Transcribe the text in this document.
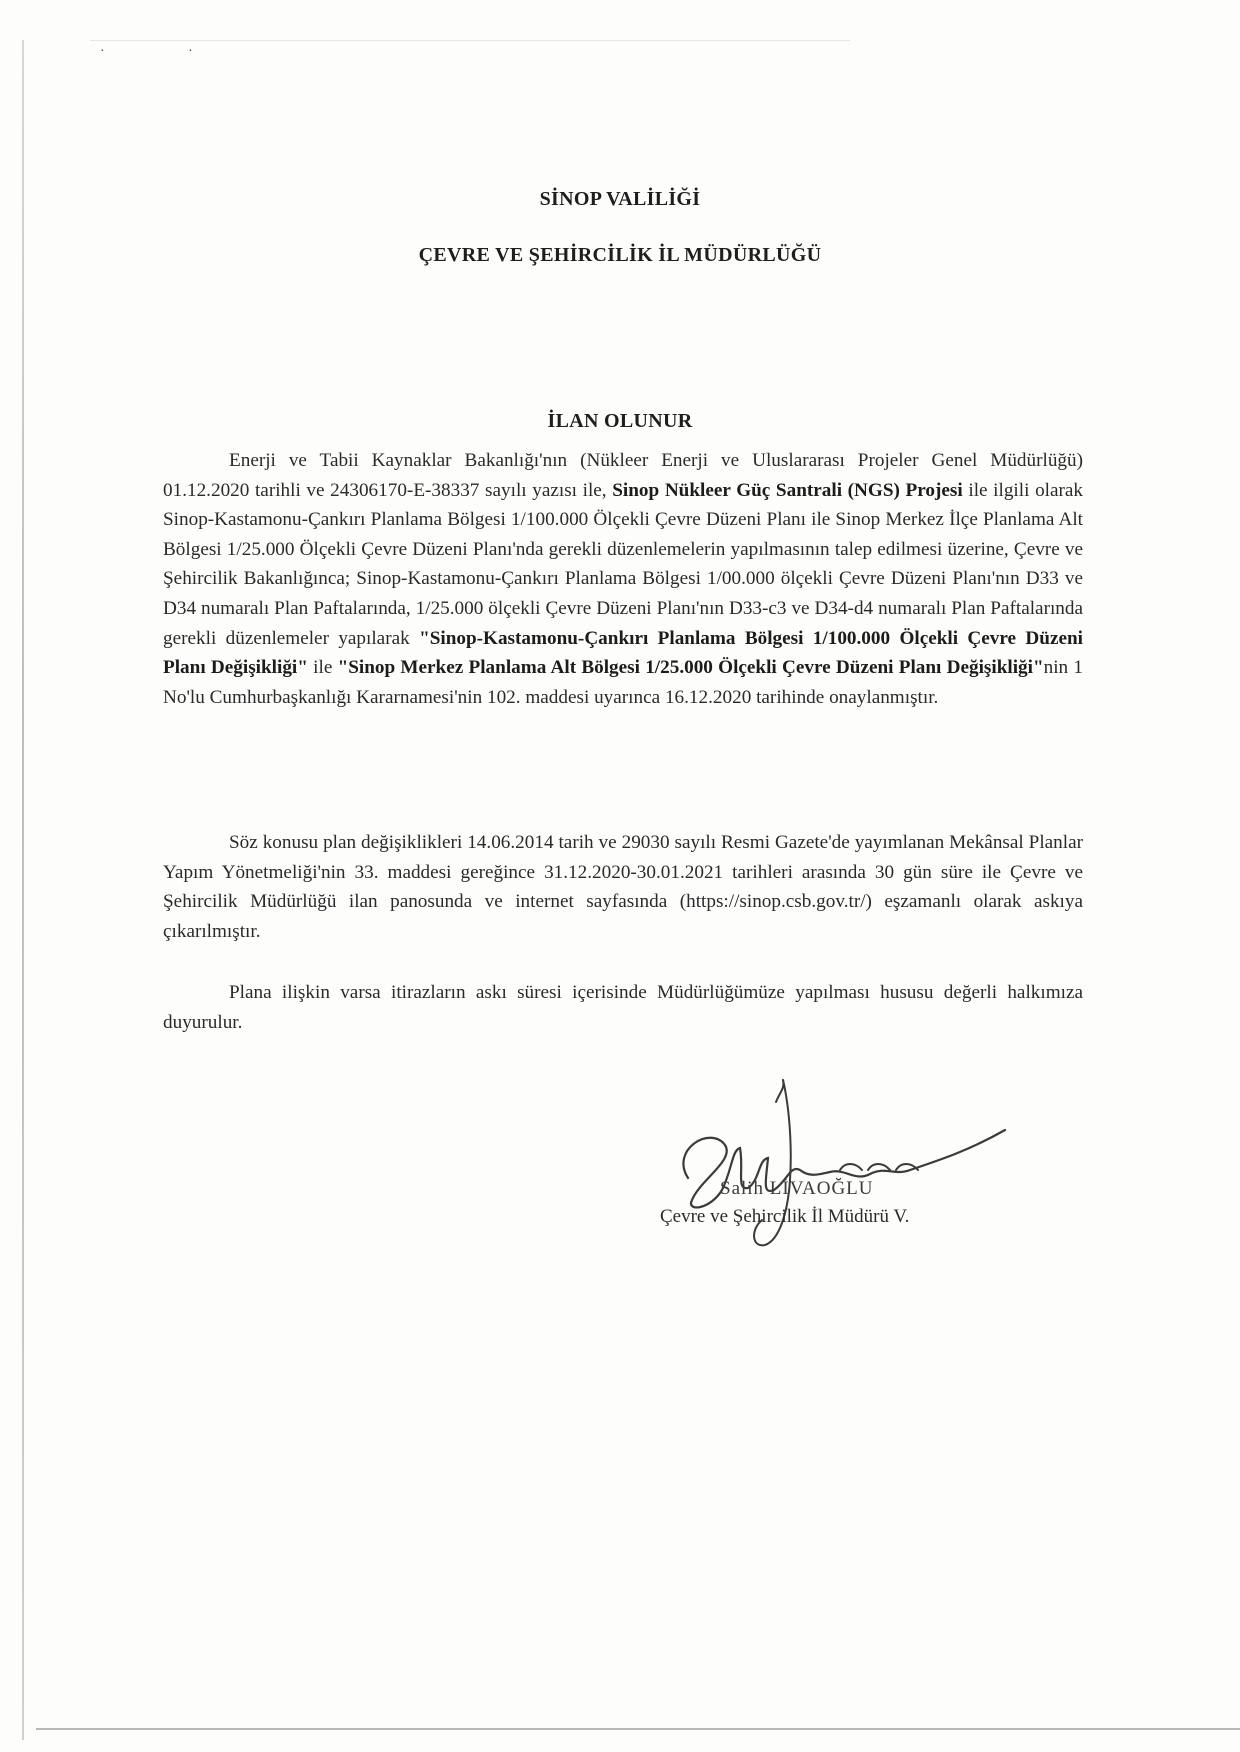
· ·
SİNOP VALİLİĞİ
ÇEVRE VE ŞEHİRCİLİK İL MÜDÜRLÜĞÜ
İLAN OLUNUR
Enerji ve Tabii Kaynaklar Bakanlığı'nın (Nükleer Enerji ve Uluslararası Projeler Genel Müdürlüğü) 01.12.2020 tarihli ve 24306170-E-38337 sayılı yazısı ile, Sinop Nükleer Güç Santrali (NGS) Projesi ile ilgili olarak Sinop-Kastamonu-Çankırı Planlama Bölgesi 1/100.000 Ölçekli Çevre Düzeni Planı ile Sinop Merkez İlçe Planlama Alt Bölgesi 1/25.000 Ölçekli Çevre Düzeni Planı'nda gerekli düzenlemelerin yapılmasının talep edilmesi üzerine, Çevre ve Şehircilik Bakanlığınca; Sinop-Kastamonu-Çankırı Planlama Bölgesi 1/00.000 ölçekli Çevre Düzeni Planı'nın D33 ve D34 numaralı Plan Paftalarında, 1/25.000 ölçekli Çevre Düzeni Planı'nın D33-c3 ve D34-d4 numaralı Plan Paftalarında gerekli düzenlemeler yapılarak "Sinop-Kastamonu-Çankırı Planlama Bölgesi 1/100.000 Ölçekli Çevre Düzeni Planı Değişikliği" ile "Sinop Merkez Planlama Alt Bölgesi 1/25.000 Ölçekli Çevre Düzeni Planı Değişikliği"nin 1 No'lu Cumhurbaşkanlığı Kararnamesi'nin 102. maddesi uyarınca 16.12.2020 tarihinde onaylanmıştır.
Söz konusu plan değişiklikleri 14.06.2014 tarih ve 29030 sayılı Resmi Gazete'de yayımlanan Mekânsal Planlar Yapım Yönetmeliği'nin 33. maddesi gereğince 31.12.2020-30.01.2021 tarihleri arasında 30 gün süre ile Çevre ve Şehircilik Müdürlüğü ilan panosunda ve internet sayfasında (https://sinop.csb.gov.tr/) eşzamanlı olarak askıya çıkarılmıştır.
Plana ilişkin varsa itirazların askı süresi içerisinde Müdürlüğümüze yapılması hususu değerli halkımıza duyurulur.
Salih LİVAOĞLU
Çevre ve Şehircilik İl Müdürü V.
